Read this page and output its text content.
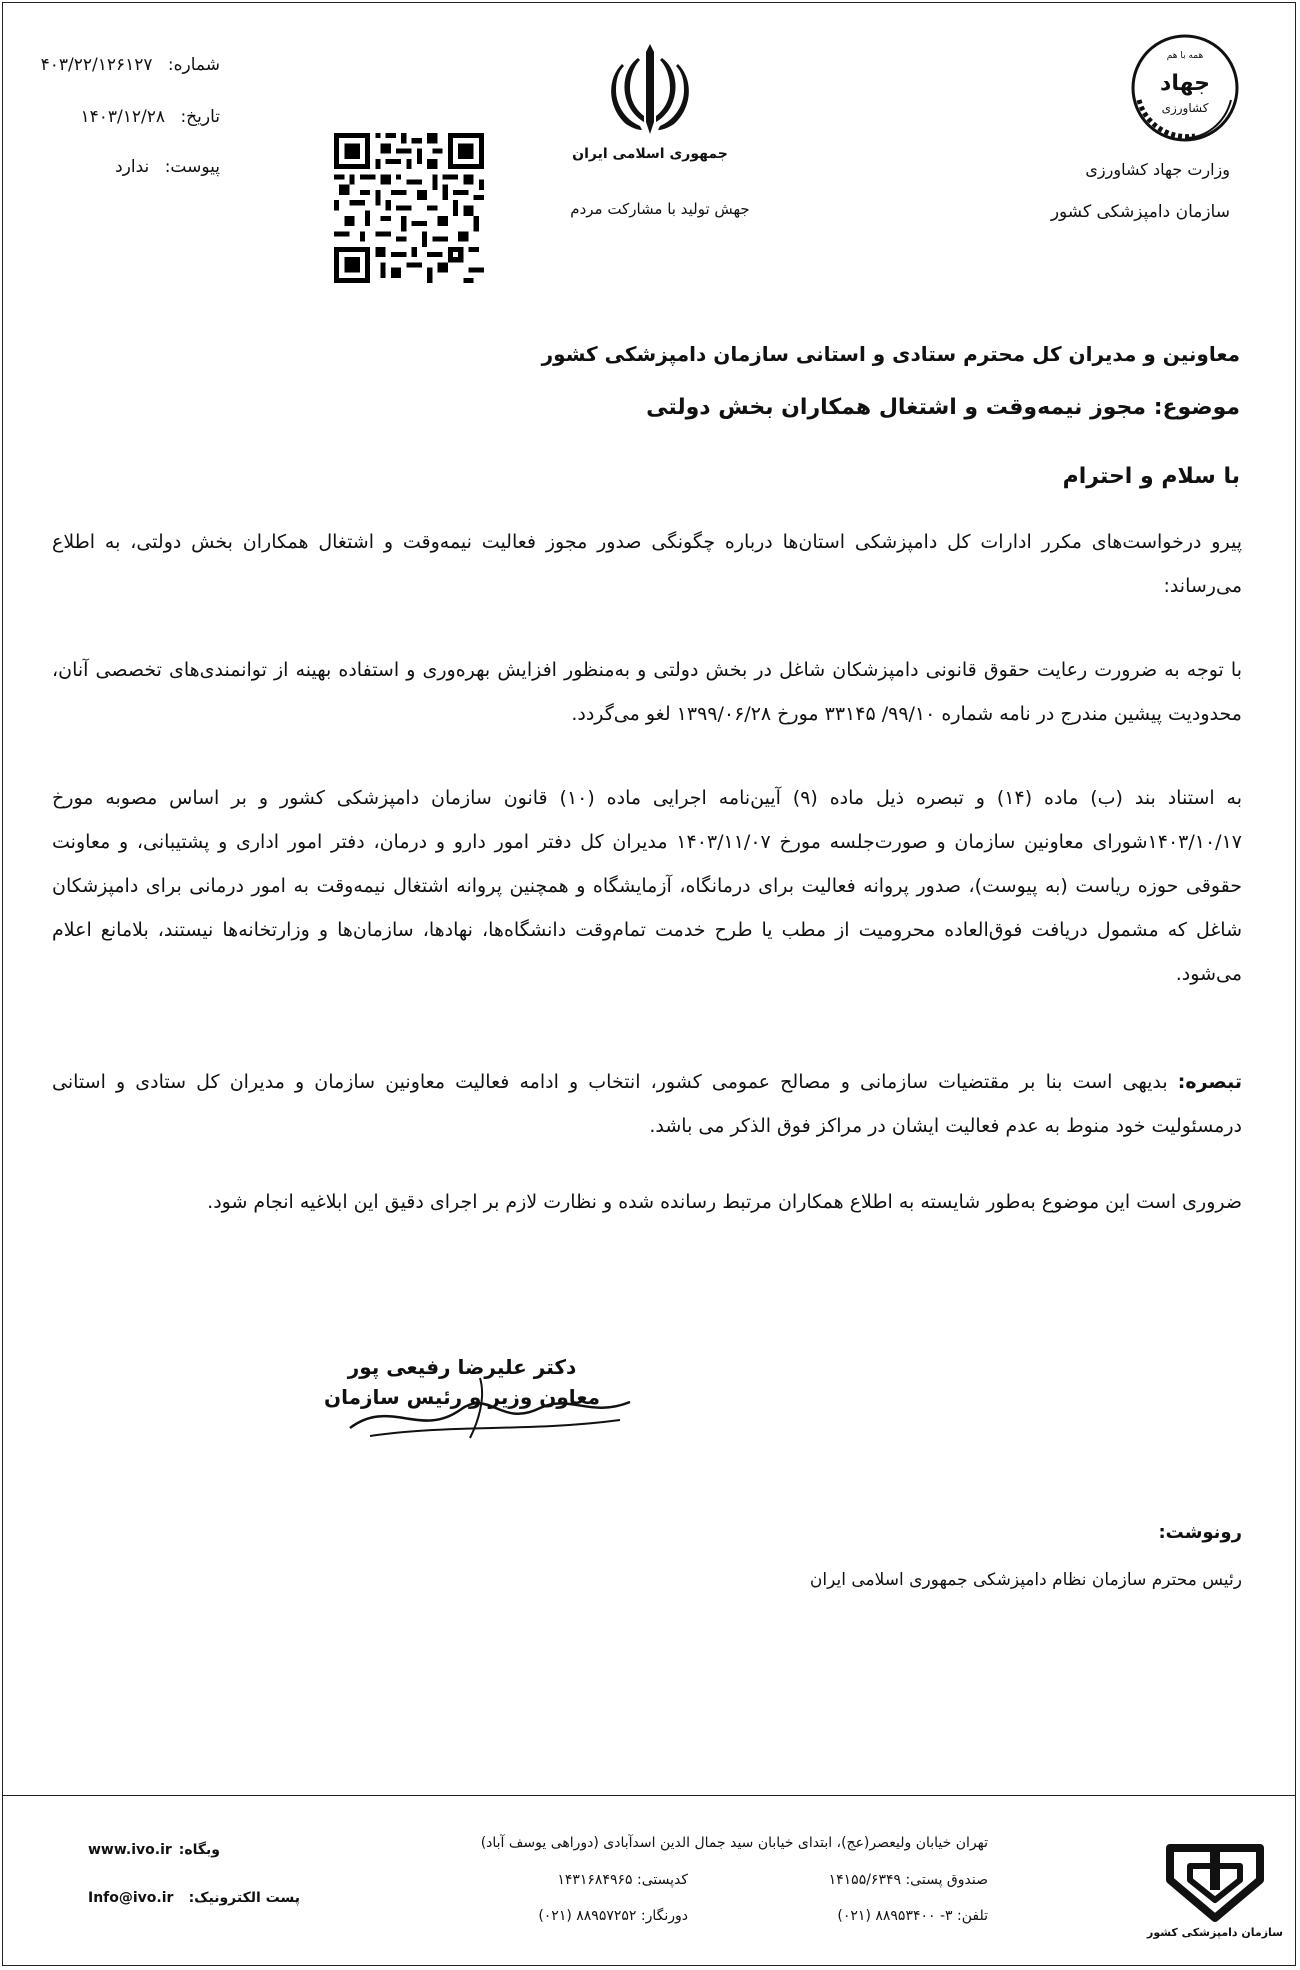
شماره: ۴۰۳/۲۲/۱۲۶۱۲۷
تاریخ: ۱۴۰۳/۱۲/۲۸
پیوست: ندارد
جمهوری اسلامی ایران
جهش تولید با مشارکت مردم
همه با هم
جهاد
کشاورزی
وزارت جهاد کشاورزی
سازمان دامپزشکی کشور
معاونین و مدیران کل محترم ستادی و استانی سازمان دامپزشکی کشور
موضوع: مجوز نیمه‌وقت و اشتغال همکاران بخش دولتی
با سلام و احترام
پیرو درخواست‌های مکرر ادارات کل دامپزشکی استان‌ها درباره چگونگی صدور مجوز فعالیت نیمه‌وقت و اشتغال همکاران بخش دولتی، به اطلاع می‌رساند:
با توجه به ضرورت رعایت حقوق قانونی دامپزشکان شاغل در بخش دولتی و به‌منظور افزایش بهره‌وری و استفاده بهینه از توانمندی‌های تخصصی آنان، محدودیت پیشین مندرج در نامه شماره ۹۹/۱۰/ ۳۳۱۴۵ مورخ ۱۳۹۹/۰۶/۲۸ لغو می‌گردد.
به استناد بند (ب) ماده (۱۴) و تبصره ذیل ماده (۹) آیین‌نامه اجرایی ماده (۱۰) قانون سازمان دامپزشکی کشور و بر اساس مصوبه مورخ ۱۴۰۳/۱۰/۱۷شورای معاونین سازمان و صورت‌جلسه مورخ ۱۴۰۳/۱۱/۰۷ مدیران کل دفتر امور دارو و درمان، دفتر امور اداری و پشتیبانی، و معاونت حقوقی حوزه ریاست (به پیوست)، صدور پروانه فعالیت برای درمانگاه، آزمایشگاه و همچنین پروانه اشتغال نیمه‌وقت به امور درمانی برای دامپزشکان شاغل که مشمول دریافت فوق‌العاده محرومیت از مطب یا طرح خدمت تمام‌وقت دانشگاه‌ها، نهادها، سازمان‌ها و وزارتخانه‌ها نیستند، بلامانع اعلام می‌شود.
تبصره: بدیهی است بنا بر مقتضیات سازمانی و مصالح عمومی کشور، انتخاب و ادامه فعالیت معاونین سازمان و مدیران کل ستادی و استانی درمسئولیت خود منوط به عدم فعالیت ایشان در مراکز فوق الذکر می باشد.
ضروری است این موضوع به‌طور شایسته به اطلاع همکاران مرتبط رسانده شده و نظارت لازم بر اجرای دقیق این ابلاغیه انجام شود.
دکتر علیرضا رفیعی پور
معاون وزیر و رئیس سازمان
رونوشت:
رئیس محترم سازمان نظام دامپزشکی جمهوری اسلامی ایران
سازمان دامپزشکی کشور
تهران خیابان ولیعصر(عج)، ابتدای خیابان سید جمال الدین اسدآبادی (دوراهی یوسف آباد)
صندوق پستی: ۱۴۱۵۵/۶۳۴۹
کدپستی: ۱۴۳۱۶۸۴۹۶۵
تلفن: ۳- ۸۸۹۵۳۴۰۰ (۰۲۱)
دورنگار: ۸۸۹۵۷۲۵۲ (۰۲۱)
وبگاه:
www.ivo.ir
پست الکترونیک:
Info@ivo.ir
